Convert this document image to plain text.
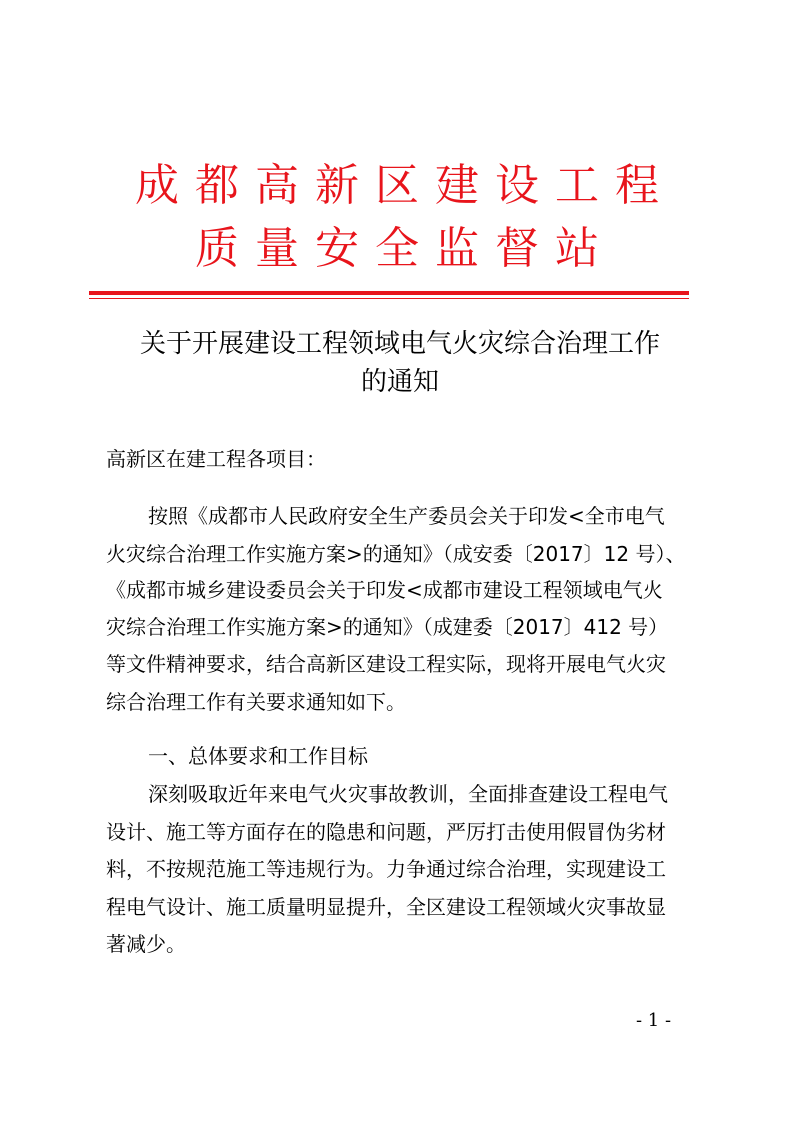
成都高新区建设工程
质量安全监督站
关于开展建设工程领域电气火灾综合治理工作
的通知
高新区在建工程各项目：
按照《成都市人民政府安全生产委员会关于印发<全市电气
火灾综合治理工作实施方案>的通知》（成安委〔2017〕12 号）、
《成都市城乡建设委员会关于印发<成都市建设工程领域电气火
灾综合治理工作实施方案>的通知》（成建委〔2017〕412 号）
等文件精神要求，结合高新区建设工程实际，现将开展电气火灾
综合治理工作有关要求通知如下。
一、总体要求和工作目标
深刻吸取近年来电气火灾事故教训，全面排查建设工程电气
设计、施工等方面存在的隐患和问题，严厉打击使用假冒伪劣材
料，不按规范施工等违规行为。力争通过综合治理，实现建设工
程电气设计、施工质量明显提升，全区建设工程领域火灾事故显
著减少。
- 1 -
